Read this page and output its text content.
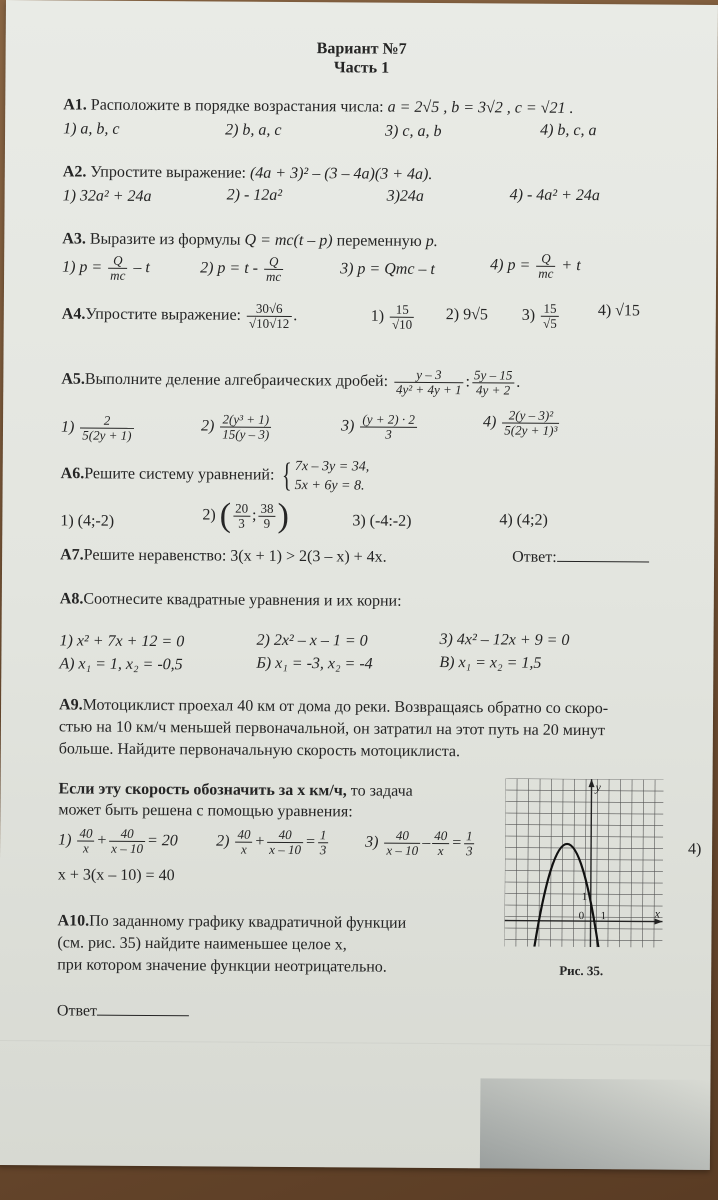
Вариант №7
Часть 1
А1. Расположите в порядке возрастания числа: a = 2√5 , b = 3√2 , c = √21 .
1) a, b, c	2) b, a, c	3) c, a, b	4) b, c, a
А2. Упростите выражение: (4a + 3)² – (3 – 4a)(3 + 4a).
1) 32a² + 24a	2) - 12a²	3)24a	4) - 4a² + 24a
А3. Выразите из формулы Q = mc(t – p) переменную p.
1) $p = \frac{Q}{mc} - t$	2) $p = t - \frac{Q}{mc}$	3) p = Qmc – t	4) $p = \frac{Q}{mc} + t$
А4.Упростите выражение: $\frac{30√6}{√10√12}$ .	$1) \frac{15}{√10} 2$) 9√5 $3) \frac{15}{√5} 4$) √15
А5.Выполните деление алгебраических дробей: $\frac{y - 3}{\text{4y² + 4y + 1}}$ : $\frac{5y - 15}{4y + 2}$ .
$1) \frac{2}{5(2y + 1)}$	$2) \frac{\text{2(y³ + 1)}}{15(y - 3)}$	$3) \frac{(y + 2) \cdot 2}{3}$	$4) \frac{\text{2(y – 3)²}}{\text{5(2y + 1)³}}$
А6.Решите систему уравнений: { 7x – 3y = 34,
5x + 6y = 8.
1) (4;-2)	2) ( $\frac{20}{3}$ ; $\frac{38}{9}$ )	3) (-4:-2)	4) (4;2)
А7.Решите неравенство: 3(x + 1) > 2(3 – x) + 4x.	Ответ:
А8.Соотнесите квадратные уравнения и их корни:
1) x² + 7x + 12 = 0	2) 2x² – x – 1 = 0	3) 4x² – 12x + 9 = 0
А) x₁ = 1, x₂ = -0,5	Б) x₁ = -3, x₂ = -4	В) x₁ = x₂ = 1,5
А9.Мотоциклист проехал 40 км от дома до реки. Возвращаясь обратно со скоро-
стью на 10 км/ч меньшей первоначальной, он затратил на этот путь на 20 минут
больше. Найдите первоначальную скорость мотоциклиста.
Если эту скорость обозначить за x км/ч, то задача
может быть решена с помощью уравнения:
$1) \frac{40}{x} + \frac{40}{x - 10} = 20$ $2) \frac{40}{x} + \frac{40}{x - 10} = \frac{1}{3} 3) \frac{40}{x - 10} - \frac{40}{x} = \frac{1}{3}$	4)
x + 3(x – 10) = 40
А10.По заданному графику квадратичной функции
(см. рис. 35) найдите наименьшее целое x,
при котором значение функции неотрицательно.
Ответ
x
y
0 1
1
Рис. 35.
